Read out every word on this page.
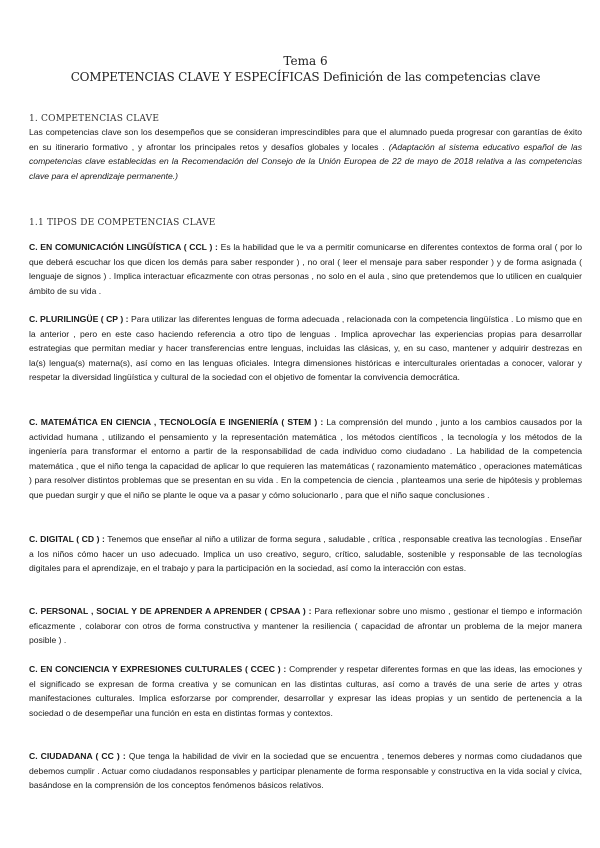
Tema 6
COMPETENCIAS CLAVE Y ESPECÍFICAS Definición de las competencias clave
1. COMPETENCIAS CLAVE

Las competencias clave son los desempeños que se consideran imprescindibles para que el alumnado pueda progresar con garantías de éxito en su itinerario formativo , y afrontar los principales retos y desafíos globales y locales . (Adaptación al sistema educativo español de las competencias clave establecidas en la Recomendación del Consejo de la Unión Europea de 22 de mayo de 2018 relativa a las competencias clave para el aprendizaje permanente.)

1.1 TIPOS DE COMPETENCIAS CLAVE

C. EN COMUNICACIÓN LINGÜÍSTICA ( CCL ) : Es la habilidad que le va a permitir comunicarse en diferentes contextos de forma oral ( por lo que deberá escuchar los que dicen los demás para saber responder ) , no oral ( leer el mensaje para saber responder ) y de forma asignada ( lenguaje de signos ) . Implica interactuar eficazmente con otras personas , no solo en el aula , sino que pretendemos que lo utilicen en cualquier ámbito de su vida .

C. PLURILINGÜE ( CP ) : Para utilizar las diferentes lenguas de forma adecuada , relacionada con la competencia lingüística . Lo mismo que en la anterior , pero en este caso haciendo referencia a otro tipo de lenguas . Implica aprovechar las experiencias propias para desarrollar estrategias que permitan mediar y hacer transferencias entre lenguas, incluidas las clásicas, y, en su caso, mantener y adquirir destrezas en la(s) lengua(s) materna(s), así como en las lenguas oficiales. Integra dimensiones históricas e interculturales orientadas a conocer, valorar y respetar la diversidad lingüística y cultural de la sociedad con el objetivo de fomentar la convivencia democrática.

C. MATEMÁTICA EN CIENCIA , TECNOLOGÍA E INGENIERÍA ( STEM ) : La comprensión del mundo , junto a los cambios causados por la actividad humana , utilizando el pensamiento y la representación matemática , los métodos científicos , la tecnología y los métodos de la ingeniería para transformar el entorno a partir de la responsabilidad de cada individuo como ciudadano . La habilidad de la competencia matemática , que el niño tenga la capacidad de aplicar lo que requieren las matemáticas ( razonamiento matemático , operaciones matemáticas ) para resolver distintos problemas que se presentan en su vida . En la competencia de ciencia , planteamos una serie de hipótesis y problemas que puedan surgir y que el niño se plante le oque va a pasar y cómo solucionarlo , para que el niño saque conclusiones .

C. DIGITAL ( CD ) : Tenemos que enseñar al niño a utilizar de forma segura , saludable , crítica , responsable creativa las tecnologías . Enseñar a los niños cómo hacer un uso adecuado. Implica un uso creativo, seguro, crítico, saludable, sostenible y responsable de las tecnologías digitales para el aprendizaje, en el trabajo y para la participación en la sociedad, así como la interacción con estas.

C. PERSONAL , SOCIAL Y DE APRENDER A APRENDER ( CPSAA ) : Para reflexionar sobre uno mismo , gestionar el tiempo e información eficazmente , colaborar con otros de forma constructiva y mantener la resiliencia ( capacidad de afrontar un problema de la mejor manera posible ) .

C. EN CONCIENCIA Y EXPRESIONES CULTURALES ( CCEC ) : Comprender y respetar diferentes formas en que las ideas, las emociones y el significado se expresan de forma creativa y se comunican en las distintas culturas, así como a través de una serie de artes y otras manifestaciones culturales. Implica esforzarse por comprender, desarrollar y expresar las ideas propias y un sentido de pertenencia a la sociedad o de desempeñar una función en esta en distintas formas y contextos.

C. CIUDADANA ( CC ) : Que tenga la habilidad de vivir en la sociedad que se encuentra , tenemos deberes y normas como ciudadanos que debemos cumplir . Actuar como ciudadanos responsables y participar plenamente de forma responsable y constructiva en la vida social y cívica, basándose en la comprensión de los conceptos fenómenos básicos relativos.
